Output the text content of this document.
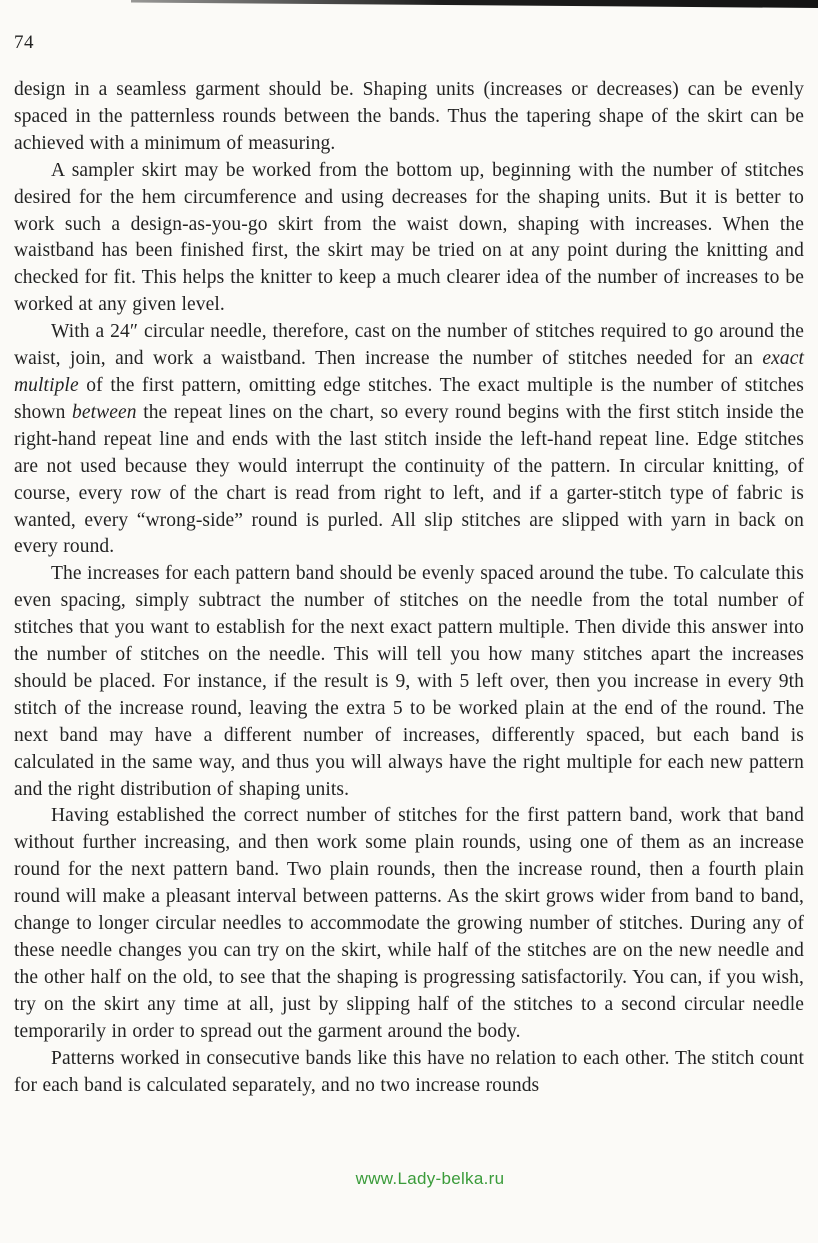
74

design in a seamless garment should be. Shaping units (increases or decreases) can be evenly spaced in the patternless rounds between the bands. Thus the tapering shape of the skirt can be achieved with a minimum of measuring.

A sampler skirt may be worked from the bottom up, beginning with the number of stitches desired for the hem circumference and using decreases for the shaping units. But it is better to work such a design-as-you-go skirt from the waist down, shaping with increases. When the waistband has been finished first, the skirt may be tried on at any point during the knitting and checked for fit. This helps the knitter to keep a much clearer idea of the number of increases to be worked at any given level.

With a 24″ circular needle, therefore, cast on the number of stitches required to go around the waist, join, and work a waistband. Then increase the number of stitches needed for an exact multiple of the first pattern, omitting edge stitches. The exact multiple is the number of stitches shown between the repeat lines on the chart, so every round begins with the first stitch inside the right-hand repeat line and ends with the last stitch inside the left-hand repeat line. Edge stitches are not used because they would interrupt the continuity of the pattern. In circular knitting, of course, every row of the chart is read from right to left, and if a garter-stitch type of fabric is wanted, every “wrong-side” round is purled. All slip stitches are slipped with yarn in back on every round.

The increases for each pattern band should be evenly spaced around the tube. To calculate this even spacing, simply subtract the number of stitches on the needle from the total number of stitches that you want to establish for the next exact pattern multiple. Then divide this answer into the number of stitches on the needle. This will tell you how many stitches apart the increases should be placed. For instance, if the result is 9, with 5 left over, then you increase in every 9th stitch of the increase round, leaving the extra 5 to be worked plain at the end of the round. The next band may have a different number of increases, differently spaced, but each band is calculated in the same way, and thus you will always have the right multiple for each new pattern and the right distribution of shaping units.

Having established the correct number of stitches for the first pattern band, work that band without further increasing, and then work some plain rounds, using one of them as an increase round for the next pattern band. Two plain rounds, then the increase round, then a fourth plain round will make a pleasant interval between patterns. As the skirt grows wider from band to band, change to longer circular needles to accommodate the growing number of stitches. During any of these needle changes you can try on the skirt, while half of the stitches are on the new needle and the other half on the old, to see that the shaping is progressing satisfactorily. You can, if you wish, try on the skirt any time at all, just by slipping half of the stitches to a second circular needle temporarily in order to spread out the garment around the body.

Patterns worked in consecutive bands like this have no relation to each other. The stitch count for each band is calculated separately, and no two increase rounds

www.Lady-belka.ru
